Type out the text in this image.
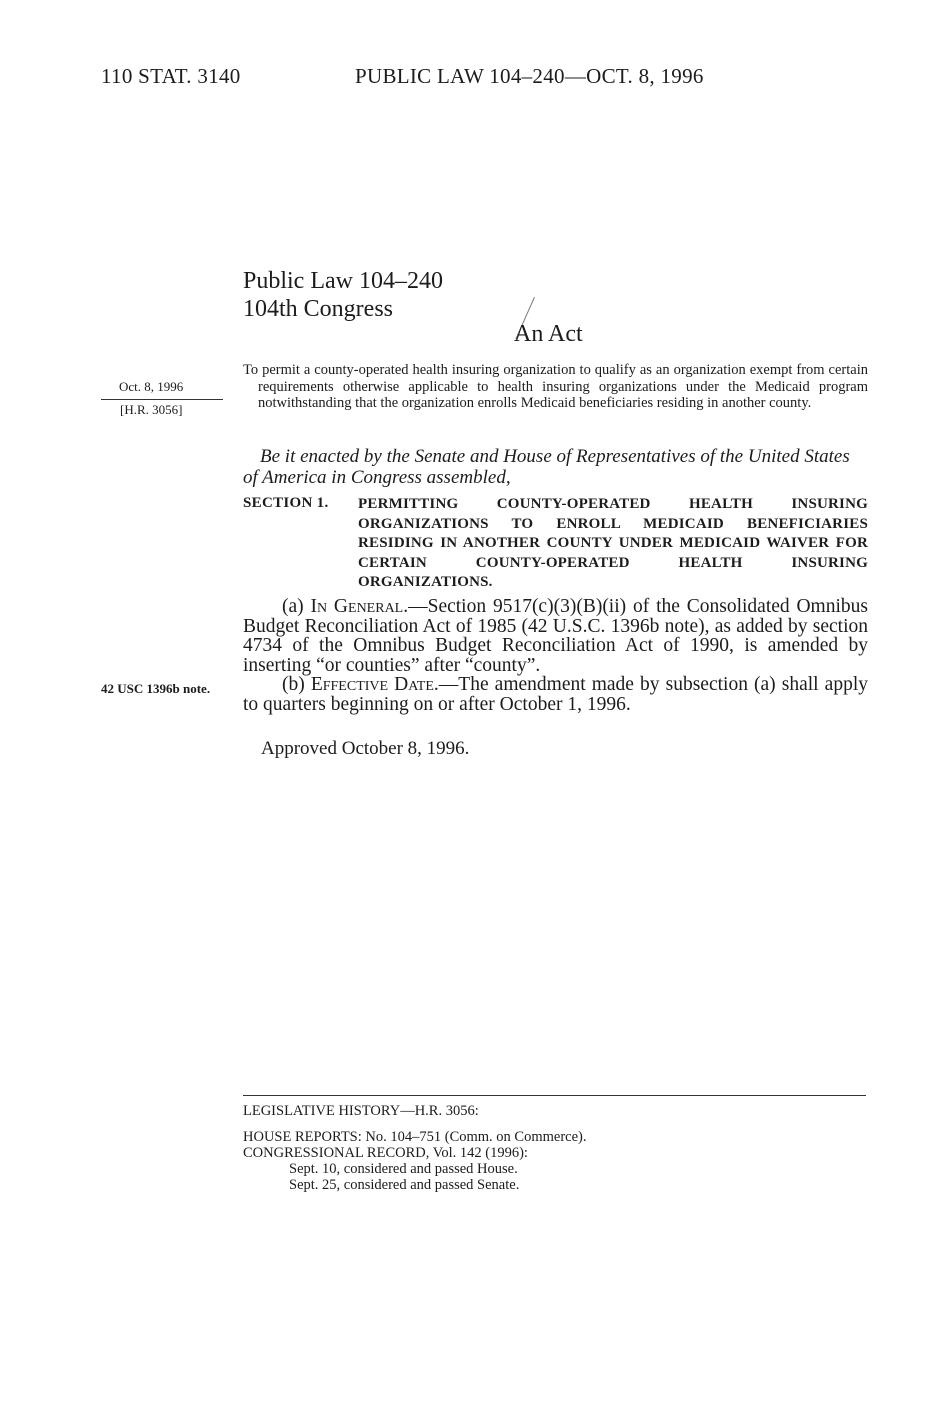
110 STAT. 3140	PUBLIC LAW 104–240—OCT. 8, 1996
Public Law 104–240
104th Congress
An Act
Oct. 8, 1996
[H.R. 3056]
To permit a county-operated health insuring organization to qualify as an organization exempt from certain requirements otherwise applicable to health insuring organizations under the Medicaid program notwithstanding that the organization enrolls Medicaid beneficiaries residing in another county.
Be it enacted by the Senate and House of Representatives of the United States of America in Congress assembled,
SECTION 1. PERMITTING COUNTY-OPERATED HEALTH INSURING ORGANIZATIONS TO ENROLL MEDICAID BENEFICIARIES RESIDING IN ANOTHER COUNTY UNDER MEDICAID WAIVER FOR CERTAIN COUNTY-OPERATED HEALTH INSURING ORGANIZATIONS.
(a) In General.—Section 9517(c)(3)(B)(ii) of the Consolidated Omnibus Budget Reconciliation Act of 1985 (42 U.S.C. 1396b note), as added by section 4734 of the Omnibus Budget Reconciliation Act of 1990, is amended by inserting “or counties” after “county”.
42 USC 1396b note.	(b) Effective Date.—The amendment made by subsection (a) shall apply to quarters beginning on or after October 1, 1996.
Approved October 8, 1996.
LEGISLATIVE HISTORY—H.R. 3056:
HOUSE REPORTS: No. 104–751 (Comm. on Commerce).
CONGRESSIONAL RECORD, Vol. 142 (1996):
Sept. 10, considered and passed House.
Sept. 25, considered and passed Senate.
